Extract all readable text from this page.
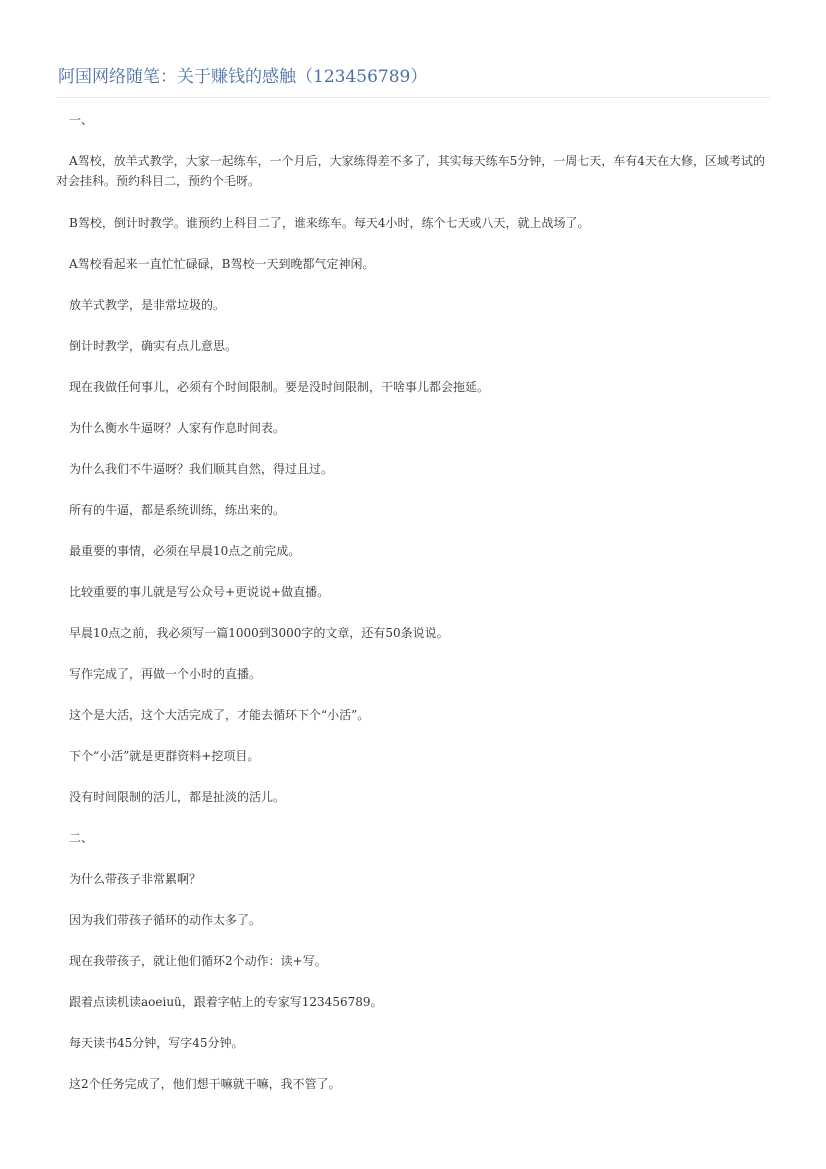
阿国网络随笔：关于赚钱的感触（123456789）

一、

A驾校，放羊式教学，大家一起练车，一个月后，大家练得差不多了，其实每天练车5分钟，一周七天，车有4天在大修，区域考试的对会挂科。预约科目二，预约个毛呀。

B驾校，倒计时教学。谁预约上科目二了，谁来练车。每天4小时，练个七天或八天，就上战场了。

A驾校看起来一直忙忙碌碌，B驾校一天到晚都气定神闲。

放羊式教学，是非常垃圾的。

倒计时教学，确实有点儿意思。

现在我做任何事儿，必须有个时间限制。要是没时间限制，干啥事儿都会拖延。

为什么衡水牛逼呀？人家有作息时间表。

为什么我们不牛逼呀？我们顺其自然，得过且过。

所有的牛逼，都是系统训练，练出来的。

最重要的事情，必须在早晨10点之前完成。

比较重要的事儿就是写公众号+更说说+做直播。

早晨10点之前，我必须写一篇1000到3000字的文章，还有50条说说。

写作完成了，再做一个小时的直播。

这个是大活，这个大活完成了，才能去循环下个“小活”。

下个“小活”就是更群资料+挖项目。

没有时间限制的活儿，都是扯淡的活儿。

二、

为什么带孩子非常累啊？

因为我们带孩子循环的动作太多了。

现在我带孩子，就让他们循环2个动作：读+写。

跟着点读机读aoeiuü，跟着字帖上的专家写123456789。

每天读书45分钟，写字45分钟。

这2个任务完成了，他们想干嘛就干嘛，我不管了。
